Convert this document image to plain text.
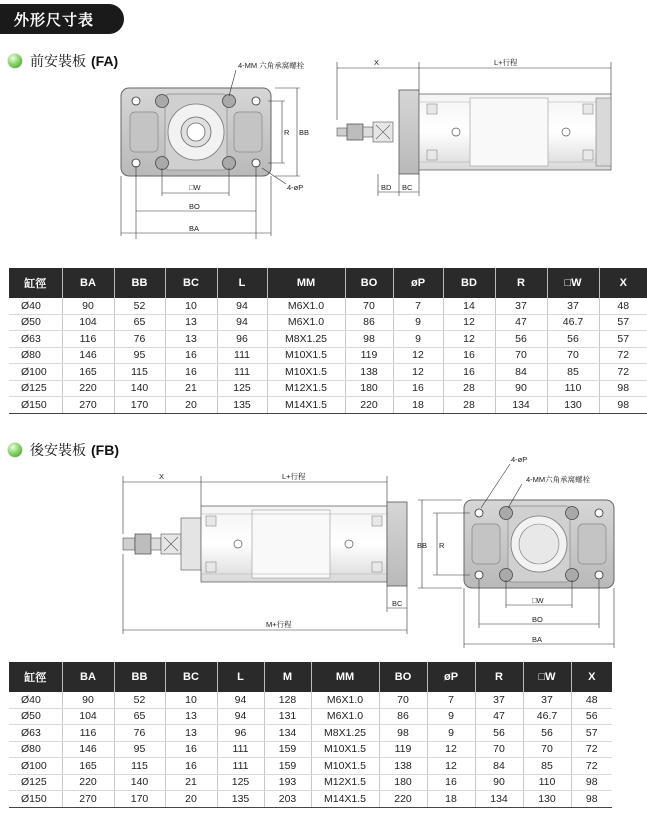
外形尺寸表
前安裝板 (FA)	4-MM 六角承窩螺栓
4-øP
R BB
□W
BO
BA
X	L+行程
BD BC
缸徑	BA	BB	BC	L	MM	BO	øP	BD	R	□W	X
Ø40	90	52	10	94	M6X1.0	70	7	14	37	37	48
Ø50	104	65	13	94	M6X1.0	86	9	12	47	46.7	57
Ø63	116	76	13	96	M8X1.25	98	9	12	56	56	57
Ø80	146	95	16	111	M10X1.5	119	12	16	70	70	72
Ø100	165	115	16	111	M10X1.5	138	12	16	84	85	72
Ø125	220	140	21	125	M12X1.5	180	16	28	90	110	98
Ø150	270	170	20	135	M14X1.5	220	18	28	134	130	98
後安裝板 (FB)
X	L+行程
BC
M+行程
4-øP
4-MM六角承窩螺栓
BB R
□W
BO
BA
缸徑	BA	BB	BC	L	M	MM	BO	øP	R	□W	X
Ø40	90	52	10	94	128	M6X1.0	70	7	37	37	48
Ø50	104	65	13	94	131	M6X1.0	86	9	47	46.7	56
Ø63	116	76	13	96	134	M8X1.25	98	9	56	56	57
Ø80	146	95	16	111	159	M10X1.5	119	12	70	70	72
Ø100	165	115	16	111	159	M10X1.5	138	12	84	85	72
Ø125	220	140	21	125	193	M12X1.5	180	16	90	110	98
Ø150	270	170	20	135	203	M14X1.5	220	18	134	130	98
